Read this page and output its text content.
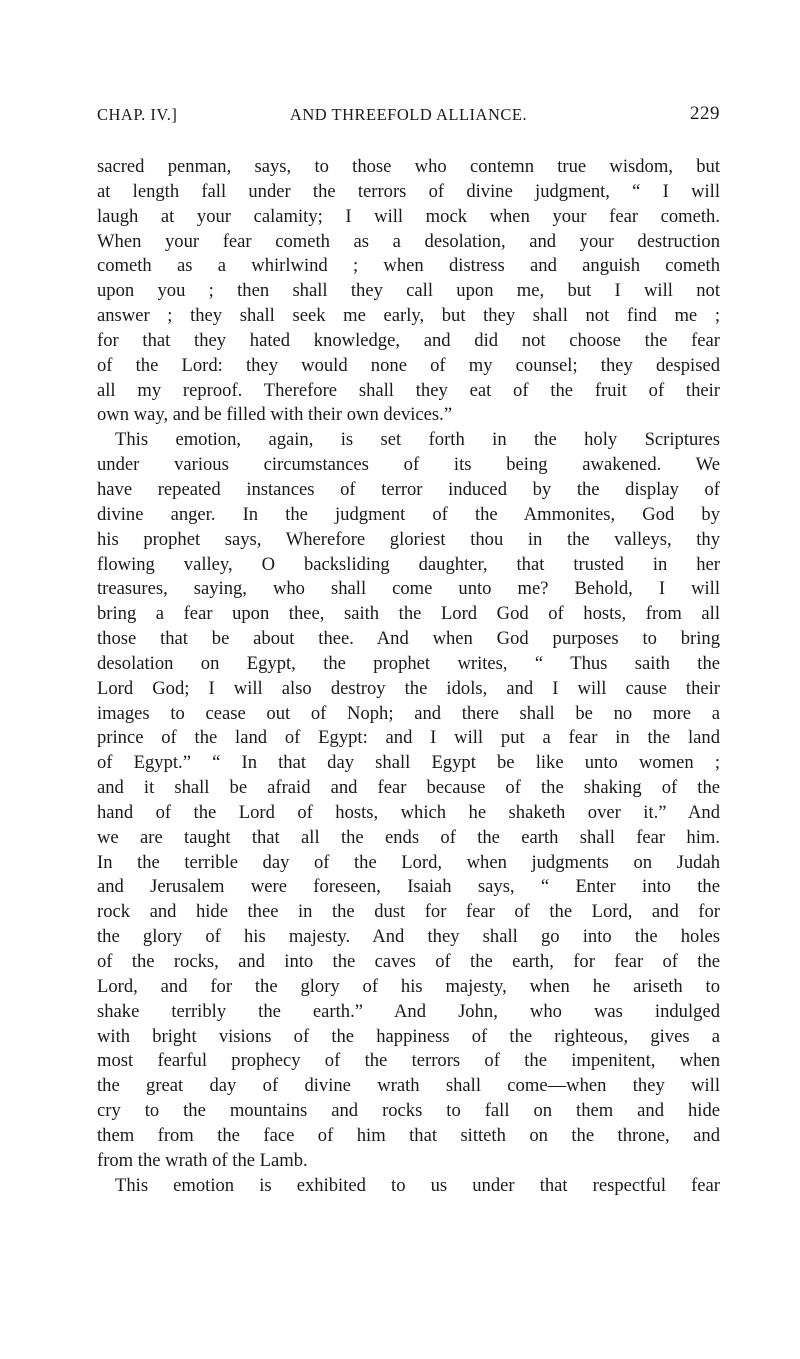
CHAP. IV.]	AND THREEFOLD ALLIANCE.	229
sacred penman, says, to those who contemn true wisdom, but
at length fall under the terrors of divine judgment, “ I will
laugh at your calamity; I will mock when your fear cometh.
When your fear cometh as a desolation, and your destruction
cometh as a whirlwind ; when distress and anguish cometh
upon you ; then shall they call upon me, but I will not
answer ; they shall seek me early, but they shall not find me ;
for that they hated knowledge, and did not choose the fear
of the Lord: they would none of my counsel; they despised
all my reproof. Therefore shall they eat of the fruit of their
own way, and be filled with their own devices.”
This emotion, again, is set forth in the holy Scriptures
under various circumstances of its being awakened. We
have repeated instances of terror induced by the display of
divine anger. In the judgment of the Ammonites, God by
his prophet says, Wherefore gloriest thou in the valleys, thy
flowing valley, O backsliding daughter, that trusted in her
treasures, saying, who shall come unto me? Behold, I will
bring a fear upon thee, saith the Lord God of hosts, from all
those that be about thee. And when God purposes to bring
desolation on Egypt, the prophet writes, “ Thus saith the
Lord God; I will also destroy the idols, and I will cause their
images to cease out of Noph; and there shall be no more a
prince of the land of Egypt: and I will put a fear in the land
of Egypt.” “ In that day shall Egypt be like unto women ;
and it shall be afraid and fear because of the shaking of the
hand of the Lord of hosts, which he shaketh over it.” And
we are taught that all the ends of the earth shall fear him.
In the terrible day of the Lord, when judgments on Judah
and Jerusalem were foreseen, Isaiah says, “ Enter into the
rock and hide thee in the dust for fear of the Lord, and for
the glory of his majesty. And they shall go into the holes
of the rocks, and into the caves of the earth, for fear of the
Lord, and for the glory of his majesty, when he ariseth to
shake terribly the earth.” And John, who was indulged
with bright visions of the happiness of the righteous, gives a
most fearful prophecy of the terrors of the impenitent, when
the great day of divine wrath shall come—when they will
cry to the mountains and rocks to fall on them and hide
them from the face of him that sitteth on the throne, and
from the wrath of the Lamb.
This emotion is exhibited to us under that respectful fear
